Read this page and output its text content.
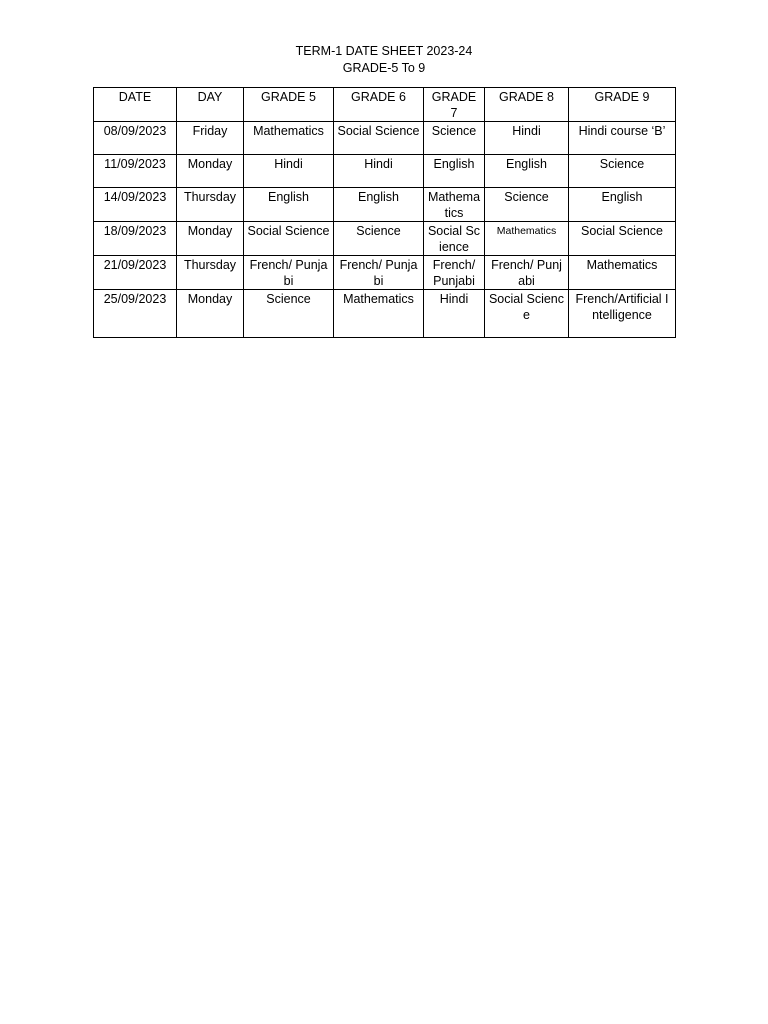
TERM-1 DATE SHEET 2023-24
GRADE-5 To 9
DATE	DAY	GRADE 5	GRADE 6	GRADE 7	GRADE 8	GRADE 9
08/09/2023	Friday	Mathematics	Social Science	Science	Hindi	Hindi course ‘B’
11/09/2023	Monday	Hindi	Hindi	English	English	Science
14/09/2023	Thursday	English	English	Mathematics	Science	English
18/09/2023	Monday	Social Science	Science	Social Science	Mathematics	Social Science
21/09/2023	Thursday	French/ Punjabi	French/ Punjabi	French/ Punjabi	French/ Punjabi	Mathematics
25/09/2023	Monday	Science	Mathematics	Hindi	Social Science	French/Artificial Intelligence
